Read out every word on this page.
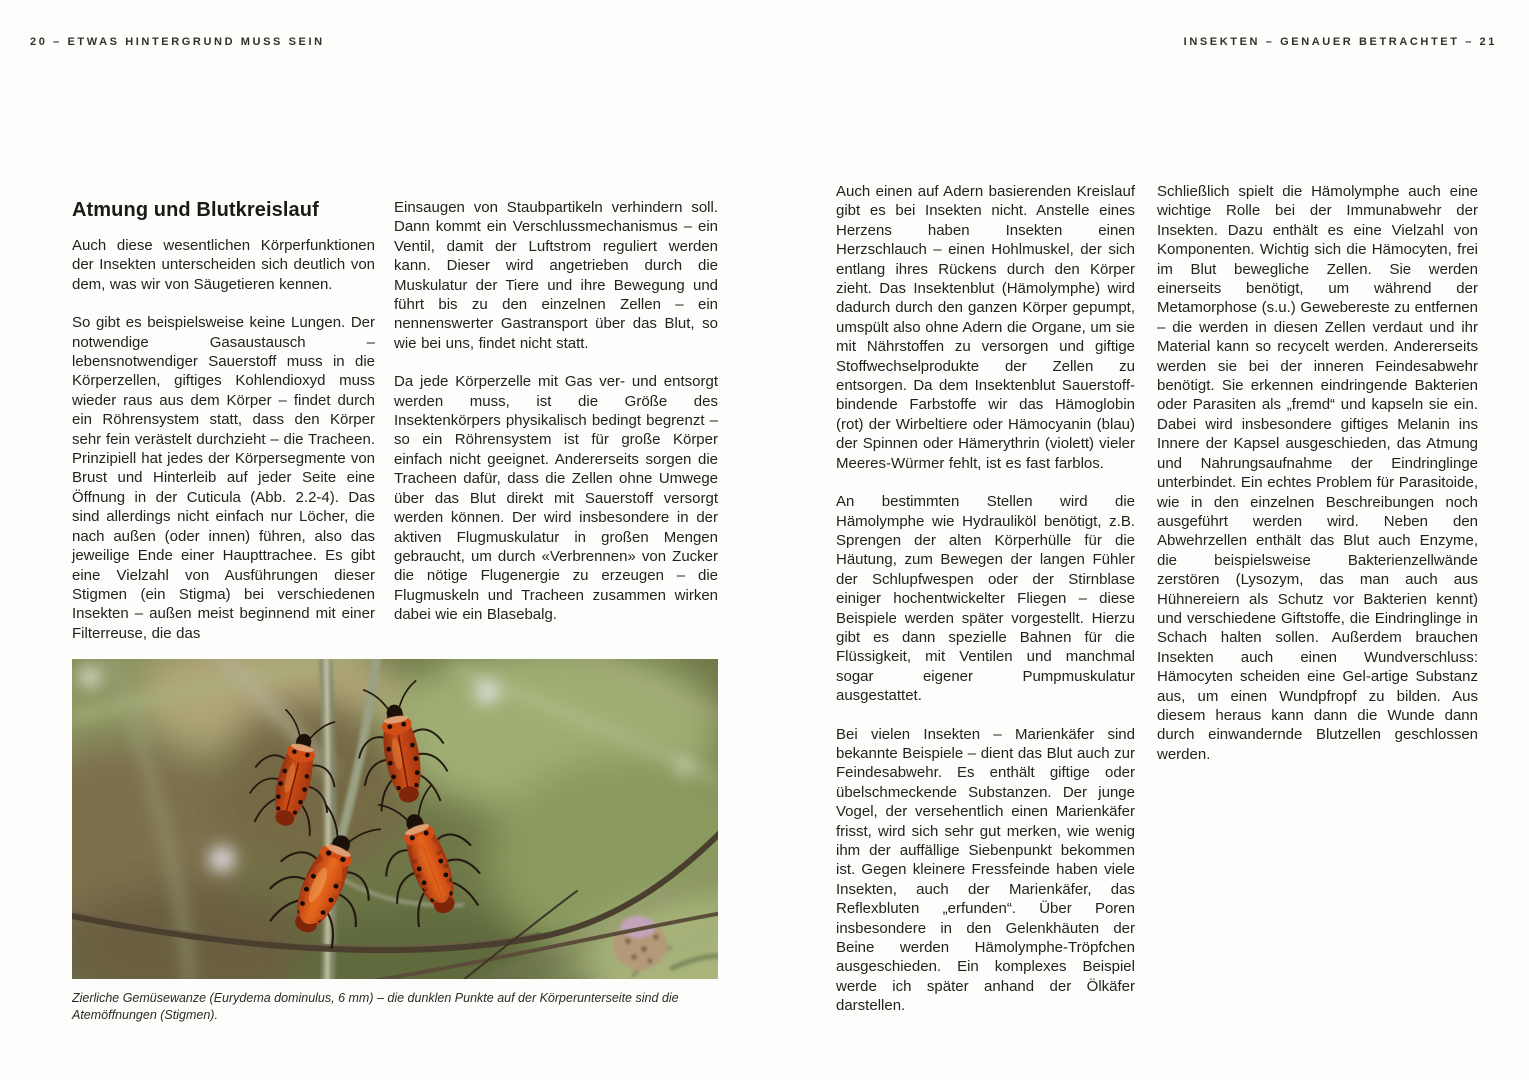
20 – ETWAS HINTERGRUND MUSS SEIN	INSEKTEN – GENAUER BETRACHTET – 21
Atmung und Blutkreislauf

Auch diese wesentlichen Körperfunktionen der Insekten unterscheiden sich deutlich von dem, was wir von Säugetieren kennen.

So gibt es beispielsweise keine Lungen. Der notwendige Gasaustausch – lebensnotwendiger Sauerstoff muss in die Körperzellen, giftiges Kohlendioxyd muss wieder raus aus dem Körper – findet durch ein Röhrensystem statt, dass den Körper sehr fein verästelt durchzieht – die Tracheen. Prinzipiell hat jedes der Körpersegmente von Brust und Hinterleib auf jeder Seite eine Öffnung in der Cuticula (Abb. 2.2-4). Das sind allerdings nicht einfach nur Löcher, die nach außen (oder innen) führen, also das jeweilige Ende einer Haupttrachee. Es gibt eine Vielzahl von Ausführungen dieser Stigmen (ein Stigma) bei verschiedenen Insekten – außen meist beginnend mit einer Filterreuse, die das

Einsaugen von Staubpartikeln verhindern soll. Dann kommt ein Verschlussmechanismus – ein Ventil, damit der Luftstrom reguliert werden kann. Dieser wird angetrieben durch die Muskulatur der Tiere und ihre Bewegung und führt bis zu den einzelnen Zellen – ein nennenswerter Gastransport über das Blut, so wie bei uns, findet nicht statt.

Da jede Körperzelle mit Gas ver- und entsorgt werden muss, ist die Größe des Insektenkörpers physikalisch bedingt begrenzt – so ein Röhrensystem ist für große Körper einfach nicht geeignet. Andererseits sorgen die Tracheen dafür, dass die Zellen ohne Umwege über das Blut direkt mit Sauerstoff versorgt werden können. Der wird insbesondere in der aktiven Flugmuskulatur in großen Mengen gebraucht, um durch «Verbrennen» von Zucker die nötige Flugenergie zu erzeugen – die Flugmuskeln und Tracheen zusammen wirken dabei wie ein Blasebalg.

Zierliche Gemüsewanze (Eurydema dominulus, 6 mm) – die dunklen Punkte auf der Körperunterseite sind die Atemöffnungen (Stigmen).

Auch einen auf Adern basierenden Kreislauf gibt es bei Insekten nicht. Anstelle eines Herzens haben Insekten einen Herzschlauch – einen Hohlmuskel, der sich entlang ihres Rückens durch den Körper zieht. Das Insektenblut (Hämolymphe) wird dadurch durch den ganzen Körper gepumpt, umspült also ohne Adern die Organe, um sie mit Nährstoffen zu versorgen und giftige Stoffwechselprodukte der Zellen zu entsorgen. Da dem Insektenblut Sauerstoff-bindende Farbstoffe wir das Hämoglobin (rot) der Wirbeltiere oder Hämocyanin (blau) der Spinnen oder Hämerythrin (violett) vieler Meeres-Würmer fehlt, ist es fast farblos.

An bestimmten Stellen wird die Hämolymphe wie Hydrauliköl benötigt, z.B. Sprengen der alten Körperhülle für die Häutung, zum Bewegen der langen Fühler der Schlupfwespen oder der Stirnblase einiger hochentwickelter Fliegen – diese Beispiele werden später vorgestellt. Hierzu gibt es dann spezielle Bahnen für die Flüssigkeit, mit Ventilen und manchmal sogar eigener Pumpmuskulatur ausgestattet.

Bei vielen Insekten – Marienkäfer sind bekannte Beispiele – dient das Blut auch zur Feindesabwehr. Es enthält giftige oder übelschmeckende Substanzen. Der junge Vogel, der versehentlich einen Marienkäfer frisst, wird sich sehr gut merken, wie wenig ihm der auffällige Siebenpunkt bekommen ist. Gegen kleinere Fressfeinde haben viele Insekten, auch der Marienkäfer, das Reflexbluten „erfunden“. Über Poren insbesondere in den Gelenkhäuten der Beine werden Hämolymphe-Tröpfchen ausgeschieden. Ein komplexes Beispiel werde ich später anhand der Ölkäfer darstellen.

Schließlich spielt die Hämolymphe auch eine wichtige Rolle bei der Immunabwehr der Insekten. Dazu enthält es eine Vielzahl von Komponenten. Wichtig sich die Hämocyten, frei im Blut bewegliche Zellen. Sie werden einerseits benötigt, um während der Metamorphose (s.u.) Gewebereste zu entfernen – die werden in diesen Zellen verdaut und ihr Material kann so recycelt werden. Andererseits werden sie bei der inneren Feindesabwehr benötigt. Sie erkennen eindringende Bakterien oder Parasiten als „fremd“ und kapseln sie ein. Dabei wird insbesondere giftiges Melanin ins Innere der Kapsel ausgeschieden, das Atmung und Nahrungsaufnahme der Eindringlinge unterbindet. Ein echtes Problem für Parasitoide, wie in den einzelnen Beschreibungen noch ausgeführt werden wird. Neben den Abwehrzellen enthält das Blut auch Enzyme, die beispielsweise Bakterienzellwände zerstören (Lysozym, das man auch aus Hühnereiern als Schutz vor Bakterien kennt) und verschiedene Giftstoffe, die Eindringlinge in Schach halten sollen. Außerdem brauchen Insekten auch einen Wundverschluss: Hämocyten scheiden eine Gel-artige Substanz aus, um einen Wundpfropf zu bilden. Aus diesem heraus kann dann die Wunde dann durch einwandernde Blutzellen geschlossen werden.
